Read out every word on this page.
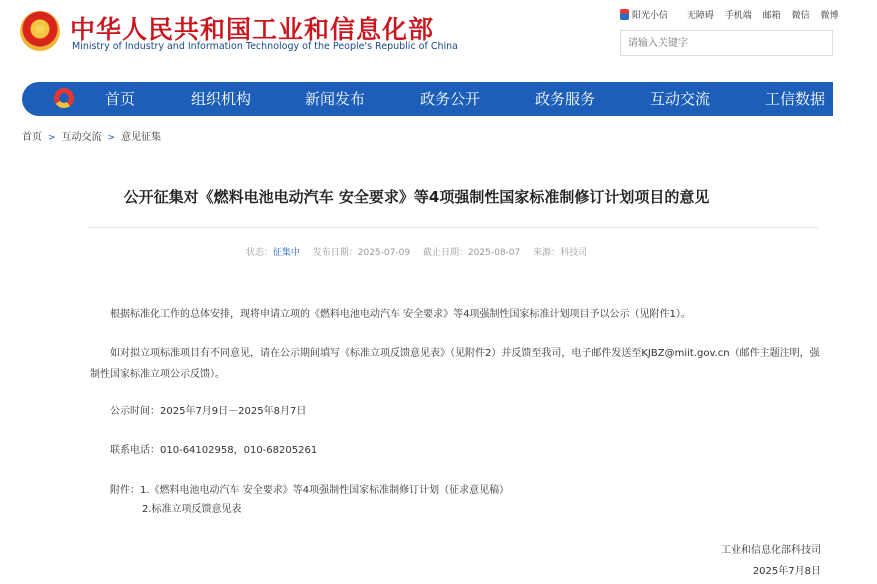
中华人民共和国工业和信息化部
Ministry of Industry and Information Technology of the People's Republic of China
阳光小信 无障碍 手机端 邮箱 微信 微博
请输入关键字
首页	组织机构	新闻发布	政务公开	政务服务	互动交流	工信数据
首页 > 互动交流 > 意见征集
公开征集对《燃料电池电动汽车 安全要求》等4项强制性国家标准制修订计划项目的意见
状态：征集中 发布日期：2025-07-09 截止日期：2025-08-07 来源：科技司
根据标准化工作的总体安排，现将申请立项的《燃料电池电动汽车 安全要求》等4项强制性国家标准计划项目予以公示（见附件1）。
如对拟立项标准项目有不同意见，请在公示期间填写《标准立项反馈意见表》（见附件2）并反馈至我司，电子邮件发送至KJBZ@miit.gov.cn（邮件主题注明，强制性国家标准立项公示反馈）。
公示时间：2025年7月9日－2025年8月7日
联系电话：010-64102958，010-68205261
附件：1.《燃料电池电动汽车 安全要求》等4项强制性国家标准制修订计划（征求意见稿）
2.标准立项反馈意见表
工业和信息化部科技司
2025年7月8日
